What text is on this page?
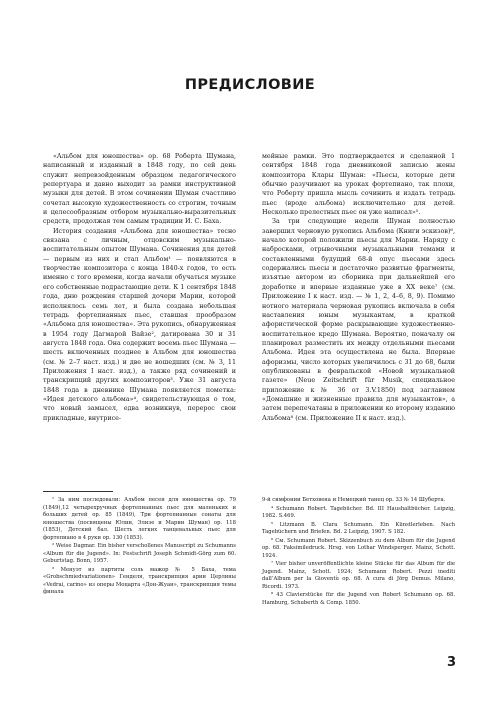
ПРЕДИСЛОВИЕ

«Альбом для юношества» ор. 68 Роберта Шумана, написанный и изданный в 1848 году, по сей день служит непревзойденным образцом педагогического репертуара и давно выходит за рамки инструктивной музыки для детей. В этом сочинении Шуман счастливо сочетал высокую художественность со строгим, точным и целесообразным отбором музыкально-выразительных средств, продолжая тем самым традиции И. С. Баха.

История создания «Альбома для юношества» тесно связана с личным, отцовским музыкально-воспитательным опытом Шумана. Сочинения для детей — первым из них и стал Альбом¹ — появляются в творчестве композитора с конца 1840-х годов, то есть именно с того времени, когда начали обучаться музыке его собственные подрастающие дети. К 1 сентября 1848 года, дню рождения старшей дочери Марии, которой исполнялось семь лет, и была создана небольшая тетрадь фортепианных пьес, ставшая прообразом «Альбома для юношества». Эта рукопись, обнаруженная в 1954 году Дагмарой Вайзе², датирована 30 и 31 августа 1848 года. Она содержит восемь пьес Шумана — шесть включенных позднее в Альбом для юношества (см. № 2–7 наст. изд.) и две не вошедших (см. № 3, 11 Приложения I наст. изд.), а также ряд сочинений и транскрипций других композиторов³. Уже 31 августа 1848 года в дневнике Шумана появляется пометка: «Идея детского альбома»⁴, свидетельствующая о том, что новый замысел, едва возникнув, перерос свои прикладные, внутрисе-

мейные рамки. Это подтверждается и сделанной 1 сентября 1848 года дневниковой записью жены композитора Клары Шуман: «Пьесы, которые дети обычно разучивают на уроках фортепиано, так плохи, что Роберту пришла мысль сочинить и издать тетрадь пьес (вроде альбома) исключительно для детей. Несколько прелестных пьес он уже написал»⁵.

За три следующие недели Шуман полностью завершил черновую рукопись Альбома (Книги эскизов)⁶, начало которой положили пьесы для Марии. Наряду с набросками, отрывочными музыкальными темами и составленными будущий 68-й опус пьесами здесь содержались пьесы и достаточно развитые фрагменты, изъятые автором из сборника при дальнейшей его доработке и впервые изданные уже в XX веке⁷ (см. Приложение I к наст. изд. — № 1, 2, 4–6, 8, 9). Помимо нотного материала черновая рукопись включала в себя наставления юным музыкантам, в краткой афористической форме раскрывающие художественно-воспитательное кредо Шумана. Вероятно, поначалу он планировал разместить их между отдельными пьесами Альбома. Идея эта осуществлена не была. Впервые афоризмы, число которых увеличилось с 31 до 68, были опубликованы в февральской «Новой музыкальной газете» (Neue Zeitschrift für Musik, специальное приложение к № 36 от 3.V.1850) под заглавием «Домашние и жизненные правила для музыкантов», а затем перепечатаны в приложении ко второму изданию Альбома⁸ (см. Приложение II к наст. изд.).

¹ За ним последовали: Альбом песен для юношества ор. 79 (1849),12 четырехручных фортепианных пьес для маленьких и больших детей ор. 85 (1849), Три фортепианные сонаты для юношества (посвящены Юлии, Элизе и Марии Шуман) ор. 118 (1853), Детский бал. Шесть легких танцевальных пьес для фортепиано в 4 руки ор. 130 (1853).

² Weise Dagmar. Ein bisher verschollenes Manuscript zu Schumanns «Album für die Jugend». In: Festschrift Joseph Schmidt-Görg zum 60. Geburtstag. Bonn, 1957.

³ Менуэт из партиты соль мажор № 5 Баха, тема «Grobschmiedvariationen» Генделя, транскрипция арии Церлины «Vedrai, carino» из оперы Моцарта «Дон-Жуан», транскрипция темы финала

9-й симфонии Бетховена и Немецкий танец ор. 33 № 14 Шуберта.

⁴ Schumann Robert. Tagebücher. Bd. III Haushaltbücher. Leipzig, 1982. S.469.

⁵ Litzmann B. Clara Schumann. Ein Künstlerleben. Nach Tagebüchern und Briefen. Bd. 2 Leipzig, 1907. S 182.

⁶ См. Schumann Robert. Skizzenbuch zu dem Album für die Jugend op. 68. Faksimiledruck. Hrsg. von Lothar Windsperger. Mainz, Schott. 1924.

⁷ Vier bisher unveröffentlichte kleine Stücke für das Album für die Jugend. Mainz, Schott. 1924; Schumann Robert. Pezzi inediti dall’Album per la Gioventù op. 68. A cura di Jörg Demus. Milano, Ricordi. 1973.

⁸ 43 Clavierstücke für die Jugend von Robert Schumann op. 68. Hamburg, Schuberth & Comp. 1850.

3
